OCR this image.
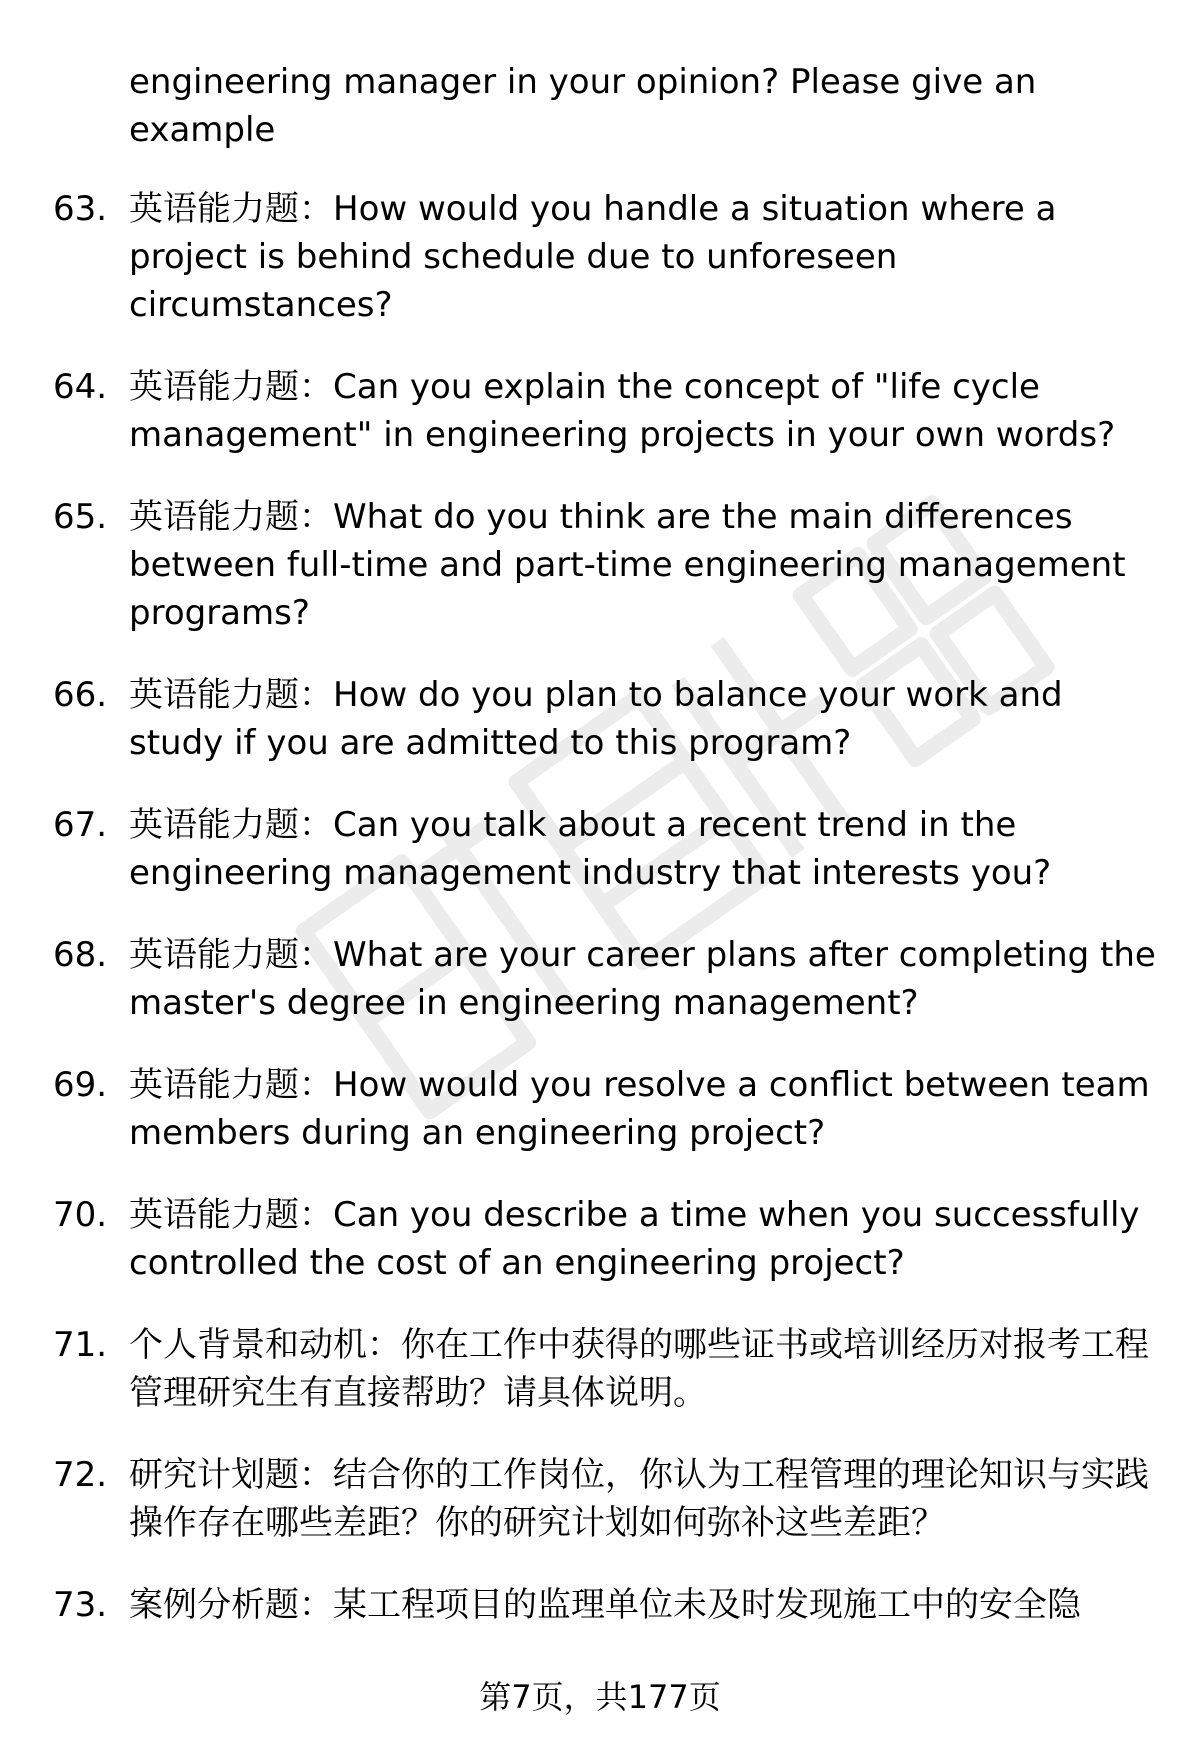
engineering manager in your opinion? Please give an example
63. 英语能力题：How would you handle a situation where a project is behind schedule due to unforeseen circumstances?
64. 英语能力题：Can you explain the concept of "life cycle management" in engineering projects in your own words?
65. 英语能力题：What do you think are the main differences between full-time and part-time engineering management programs?
66. 英语能力题：How do you plan to balance your work and study if you are admitted to this program?
67. 英语能力题：Can you talk about a recent trend in the engineering management industry that interests you?
68. 英语能力题：What are your career plans after completing the master's degree in engineering management?
69. 英语能力题：How would you resolve a conflict between team members during an engineering project?
70. 英语能力题：Can you describe a time when you successfully controlled the cost of an engineering project?
71. 个人背景和动机：你在工作中获得的哪些证书或培训经历对报考工程管理研究生有直接帮助？请具体说明。
72. 研究计划题：结合你的工作岗位，你认为工程管理的理论知识与实践操作存在哪些差距？你的研究计划如何弥补这些差距？
73. 案例分析题：某工程项目的监理单位未及时发现施工中的安全隐
第7页，共177页
